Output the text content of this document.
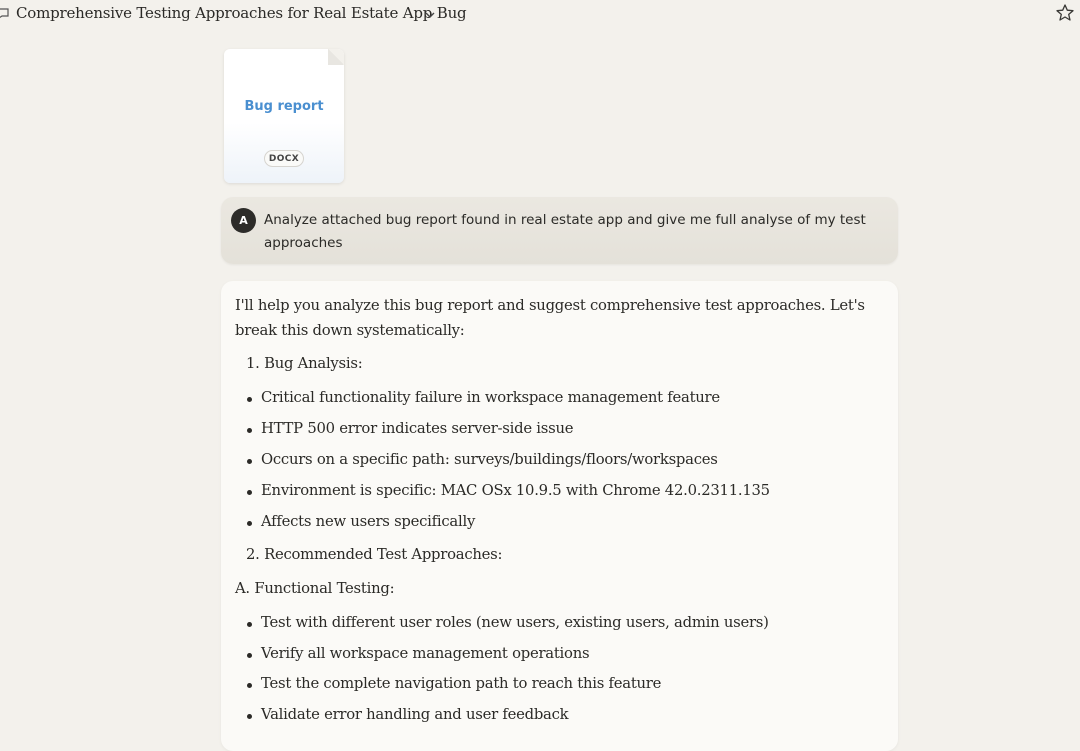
Comprehensive Testing Approaches for Real Estate App Bug
Bug report
DOCX
A	Analyze attached bug report found in real estate app and give me full analyse of my test approaches
I'll help you analyze this bug report and suggest comprehensive test approaches. Let's break this down systematically:
1. Bug Analysis:
Critical functionality failure in workspace management feature
HTTP 500 error indicates server-side issue
Occurs on a specific path: surveys/buildings/floors/workspaces
Environment is specific: MAC OSx 10.9.5 with Chrome 42.0.2311.135
Affects new users specifically
2. Recommended Test Approaches:
A. Functional Testing:
Test with different user roles (new users, existing users, admin users)
Verify all workspace management operations
Test the complete navigation path to reach this feature
Validate error handling and user feedback
